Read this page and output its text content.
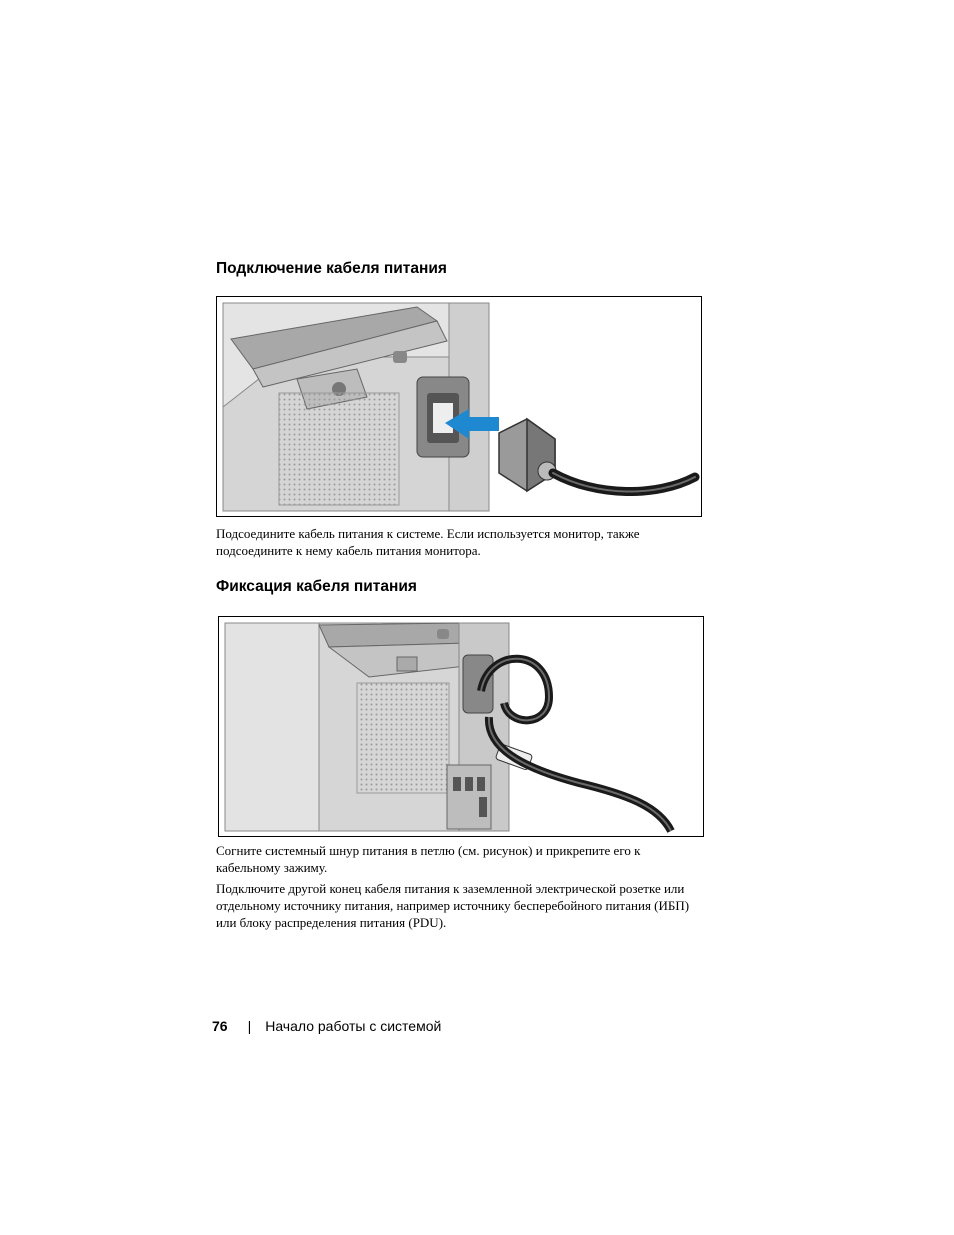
Подключение кабеля питания

Подсоедините кабель питания к системе. Если используется монитор, также
подсоедините к нему кабель питания монитора.

Фиксация кабеля питания

Согните системный шнур питания в петлю (см. рисунок) и прикрепите его к
кабельному зажиму.

Подключите другой конец кабеля питания к заземленной электрической розетке или
отдельному источнику питания, например источнику бесперебойного питания (ИБП)
или блоку распределения питания (PDU).

76 | Начало работы с системой
